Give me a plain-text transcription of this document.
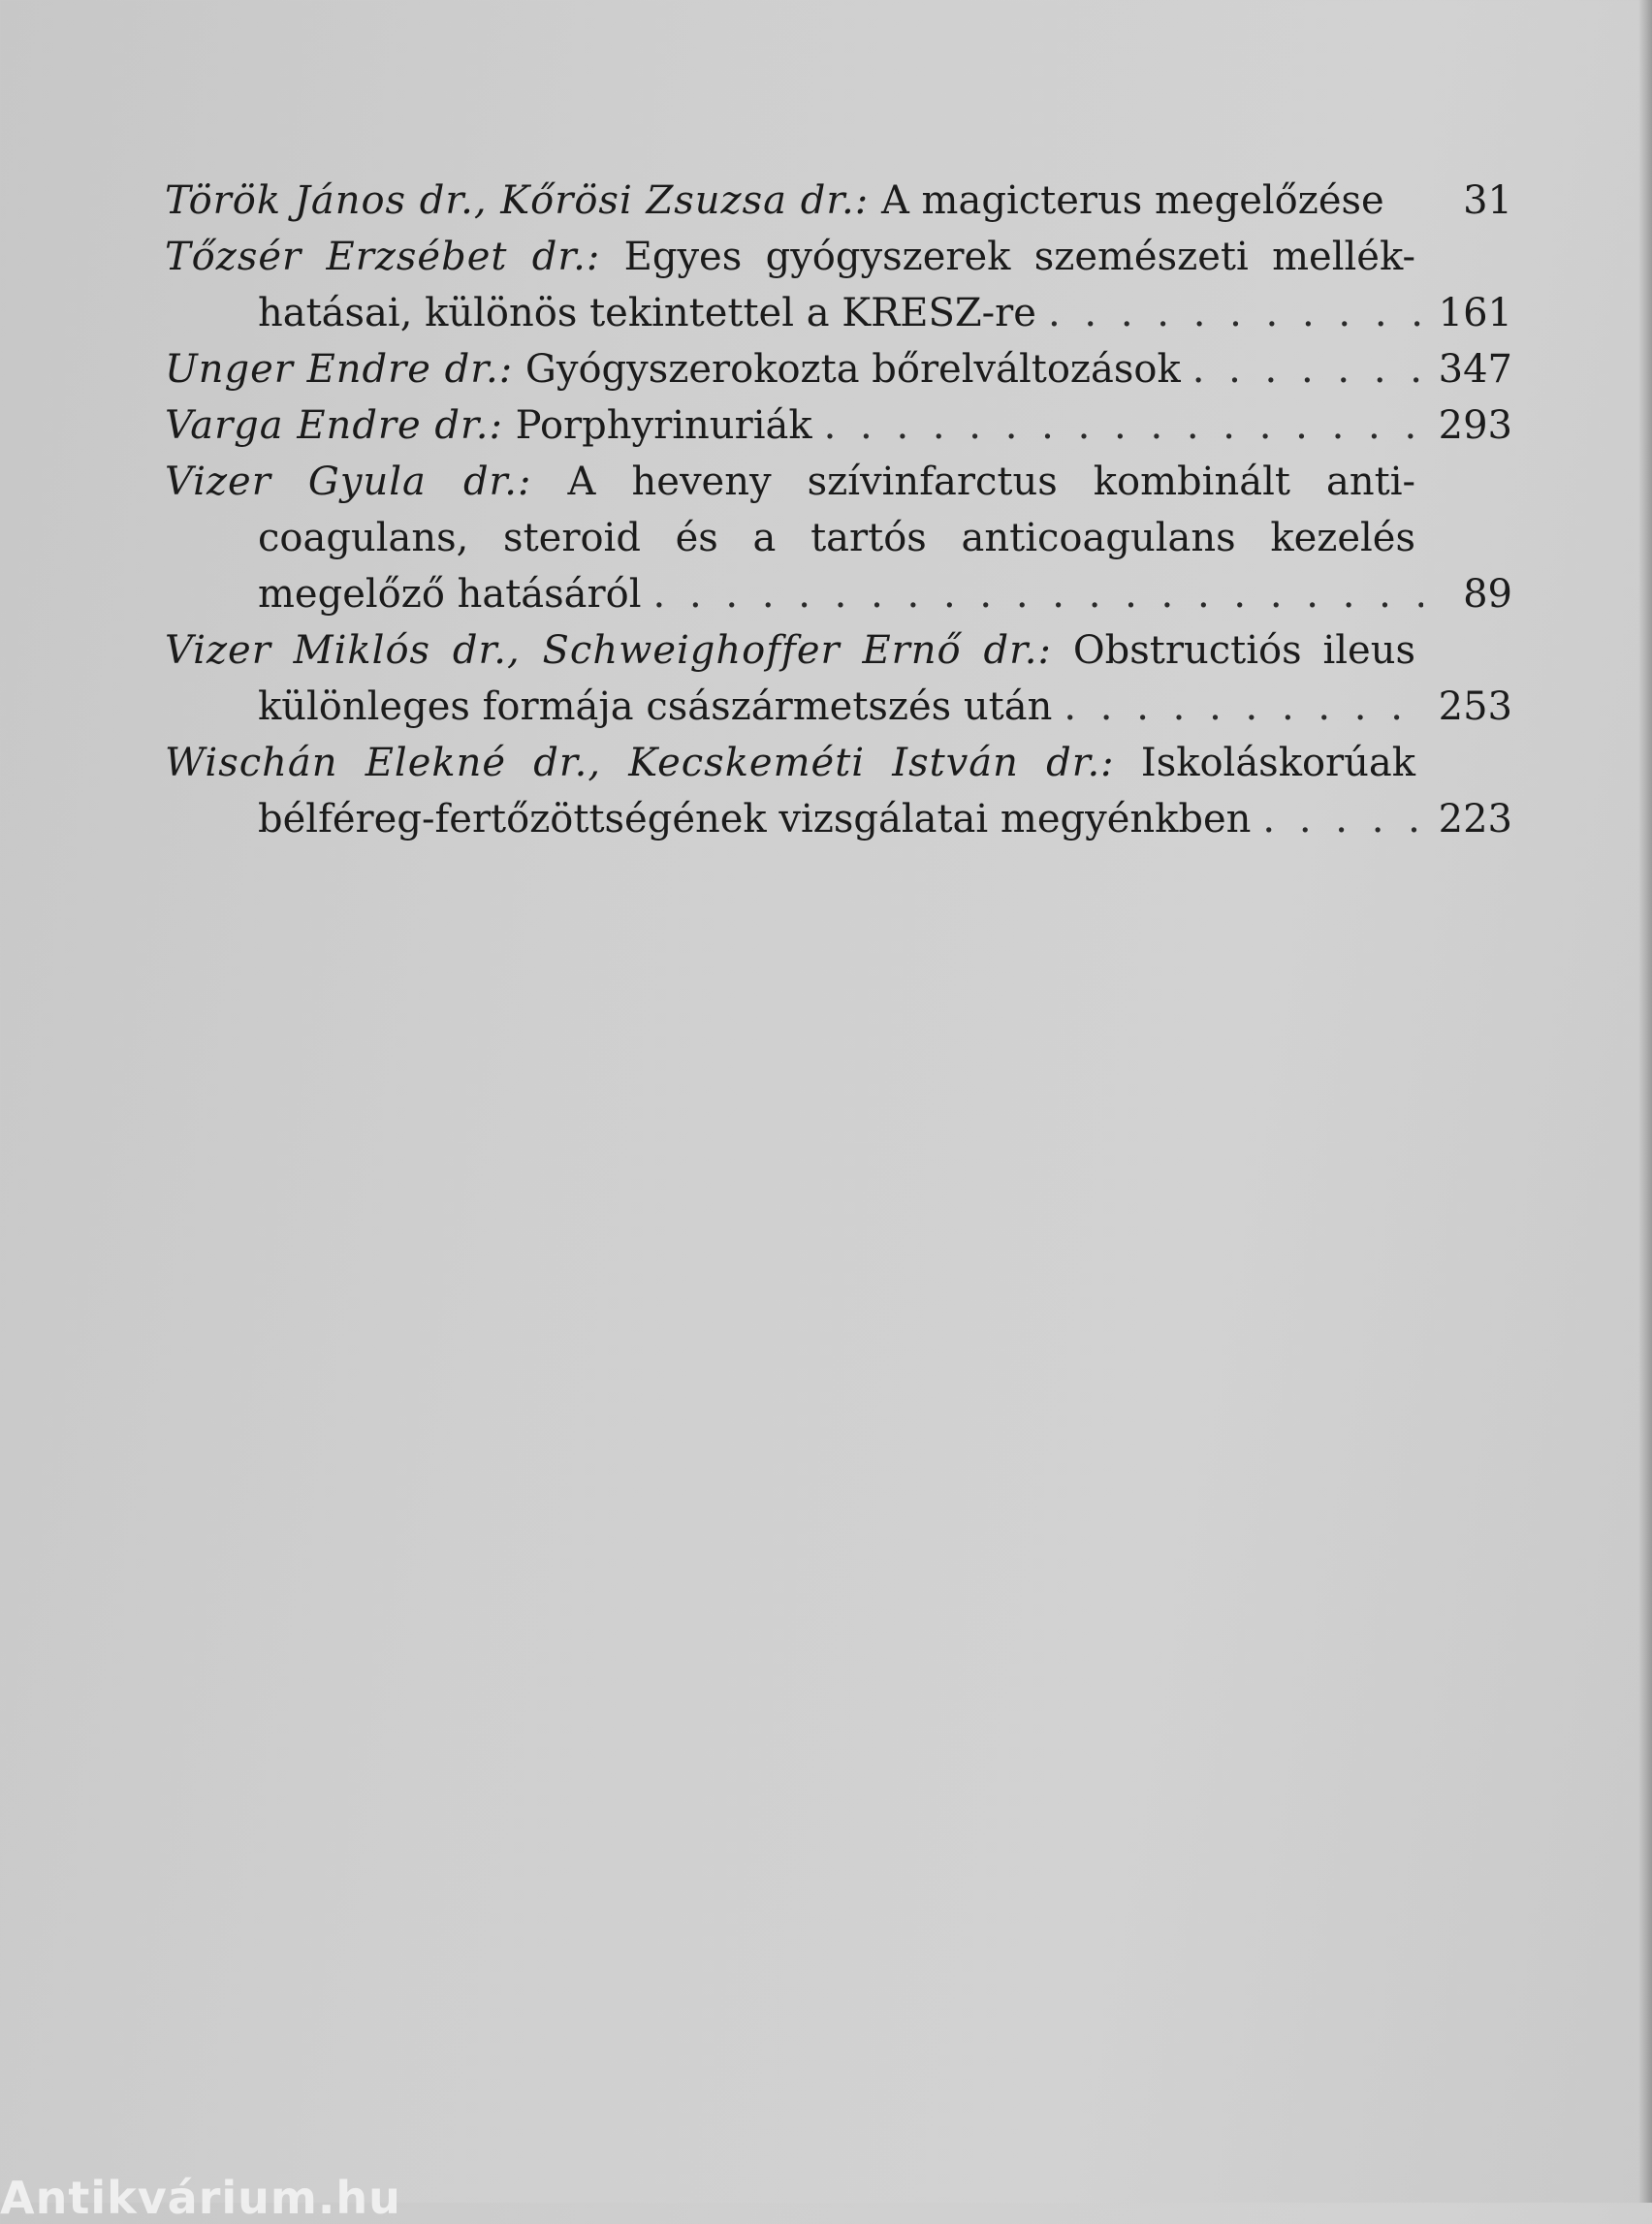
Török János dr., Kőrösi Zsuzsa dr.: A magicterus megelőzése	31
Tőzsér Erzsébet dr.: Egyes gyógyszerek szemészeti mellék-
hatásai, különös tekintettel a KRESZ-re . . .	161
Unger Endre dr.: Gyógyszerokozta bőrelváltozások . . .	347
Varga Endre dr.: Porphyrinuriák . . .	293
Vizer Gyula dr.: A heveny szívinfarctus kombinált anti-
coagulans, steroid és a tartós anticoagulans kezelés
megelőző hatásáról . . .	89
Vizer Miklós dr., Schweighoffer Ernő dr.: Obstructiós ileus
különleges formája császármetszés után . . .	253
Wischán Elekné dr., Kecskeméti István dr.: Iskoláskorúak
bélféreg-fertőzöttségének vizsgálatai megyénkben . . .	223
Antikvárium.hu
